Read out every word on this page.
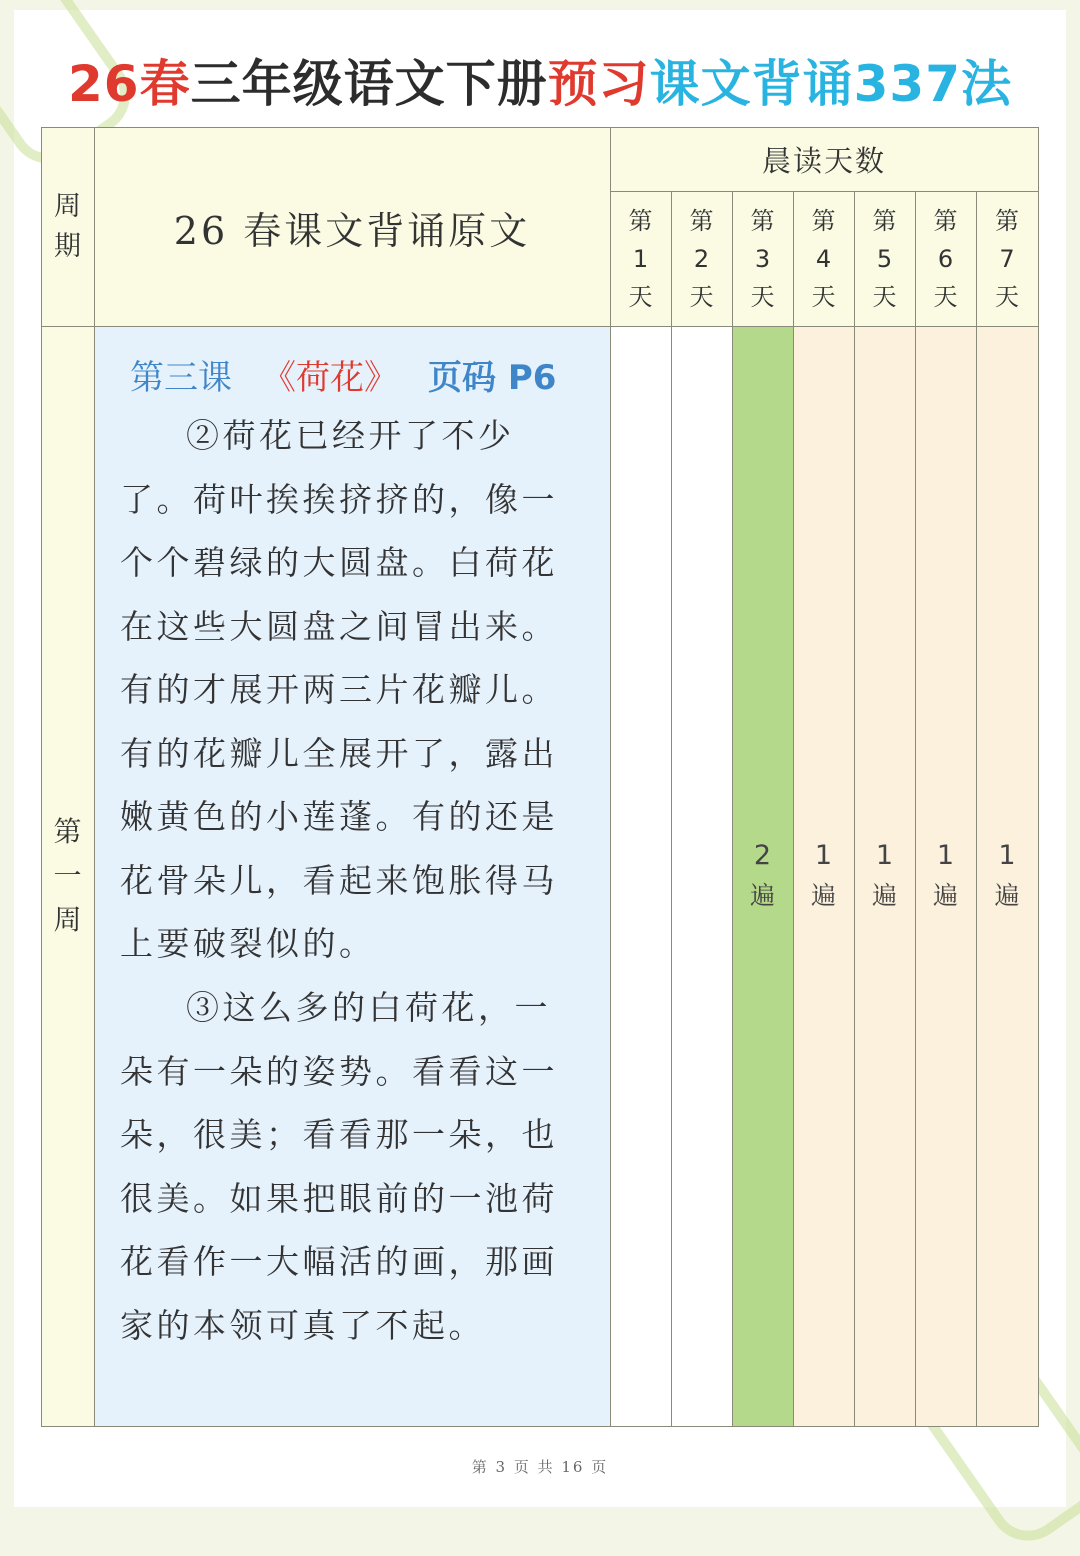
26春 三年级语文下册 预习 课文背诵337法
周
期	26 春课文背诵原文
晨读天数
第
1
天
第
2
天
第
3
天
第
4
天
第
5
天
第
6
天
第
7
天
第
一
周
第三课 《荷花》 页码 P6

②荷花已经开了不少了。荷叶挨挨挤挤的，像一个个碧绿的大圆盘。白荷花在这些大圆盘之间冒出来。有的才展开两三片花瓣儿。有的花瓣儿全展开了，露出嫩黄色的小莲蓬。有的还是花骨朵儿，看起来饱胀得马上要破裂似的。

③这么多的白荷花，一朵有一朵的姿势。看看这一朵，很美；看看那一朵，也很美。如果把眼前的一池荷花看作一大幅活的画，那画家的本领可真了不起。

2
遍
1
遍
1
遍
1
遍
1
遍
第 3 页 共 16 页
